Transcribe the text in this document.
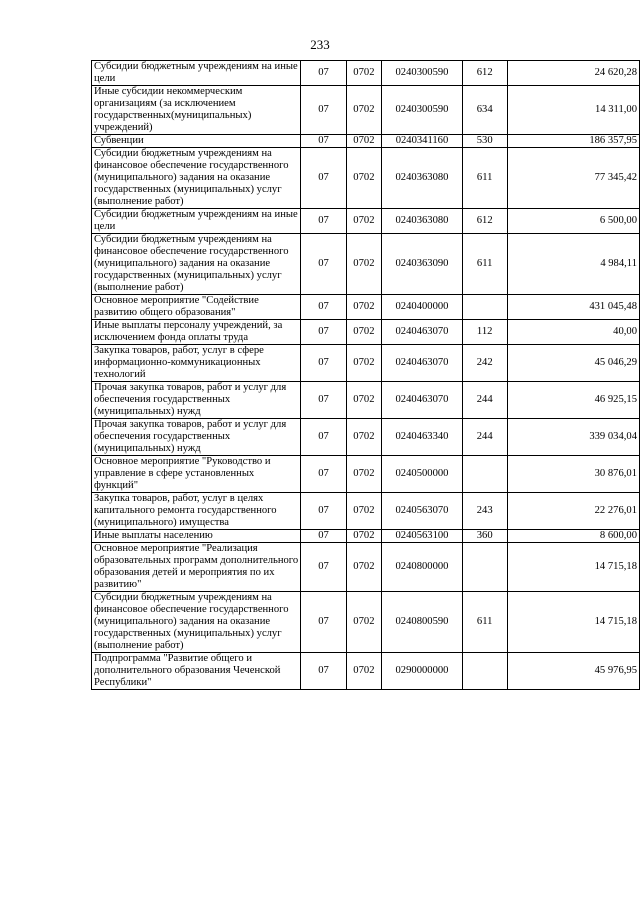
233
Субсидии бюджетным учреждениям на иные цели	07	0702	0240300590	612	24 620,28
Иные субсидии некоммерческим организациям (за исключением государственных(муниципальных) учреждений)	07	0702	0240300590	634	14 311,00
Субвенции	07	0702	0240341160	530	186 357,95
Субсидии бюджетным учреждениям на финансовое обеспечение государственного (муниципального) задания на оказание государственных (муниципальных) услуг (выполнение работ)	07	0702	0240363080	611	77 345,42
Субсидии бюджетным учреждениям на иные цели	07	0702	0240363080	612	6 500,00
Субсидии бюджетным учреждениям на финансовое обеспечение государственного (муниципального) задания на оказание государственных (муниципальных) услуг (выполнение работ)	07	0702	0240363090	611	4 984,11
Основное мероприятие "Содействие развитию общего образования"	07	0702	0240400000		431 045,48
Иные выплаты персоналу учреждений, за исключением фонда оплаты труда	07	0702	0240463070	112	40,00
Закупка товаров, работ, услуг в сфере информационно-коммуникационных технологий	07	0702	0240463070	242	45 046,29
Прочая закупка товаров, работ и услуг для обеспечения государственных (муниципальных) нужд	07	0702	0240463070	244	46 925,15
Прочая закупка товаров, работ и услуг для обеспечения государственных (муниципальных) нужд	07	0702	0240463340	244	339 034,04
Основное мероприятие "Руководство и управление в сфере установленных функций"	07	0702	0240500000		30 876,01
Закупка товаров, работ, услуг в целях капитального ремонта государственного (муниципального) имущества	07	0702	0240563070	243	22 276,01
Иные выплаты населению	07	0702	0240563100	360	8 600,00
Основное мероприятие "Реализация образовательных программ дополнительного образования детей и мероприятия по их развитию"	07	0702	0240800000		14 715,18
Субсидии бюджетным учреждениям на финансовое обеспечение государственного (муниципального) задания на оказание государственных (муниципальных) услуг (выполнение работ)	07	0702	0240800590	611	14 715,18
Подпрограмма "Развитие общего и дополнительного образования Чеченской Республики"	07	0702	0290000000		45 976,95
